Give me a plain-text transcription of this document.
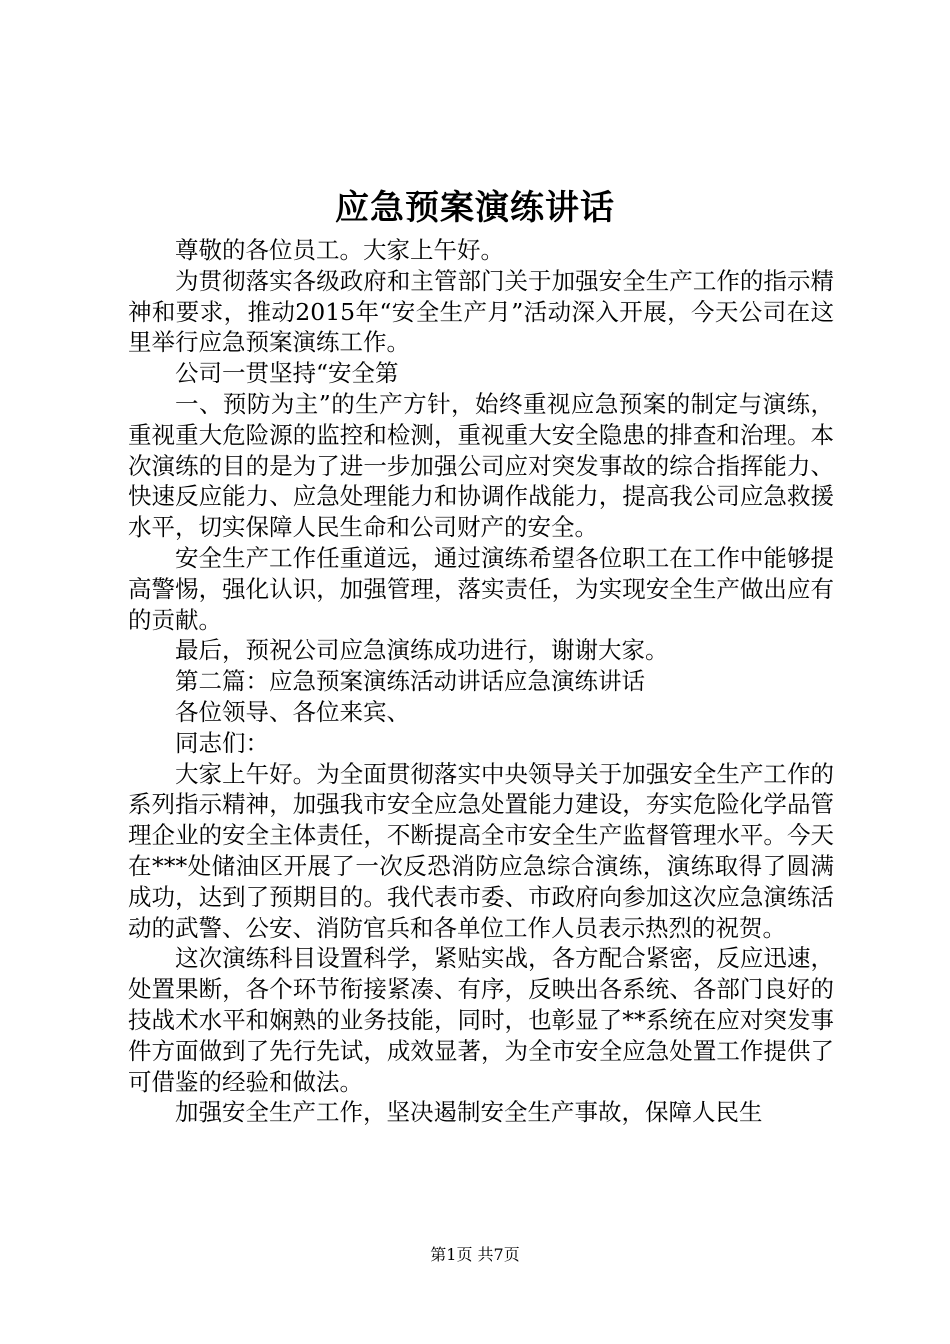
应急预案演练讲话

尊敬的各位员工。大家上午好。

为贯彻落实各级政府和主管部门关于加强安全生产工作的指示精神和要求，推动2015年“安全生产月”活动深入开展，今天公司在这里举行应急预案演练工作。

公司一贯坚持“安全第

一、预防为主”的生产方针，始终重视应急预案的制定与演练，重视重大危险源的监控和检测，重视重大安全隐患的排查和治理。本次演练的目的是为了进一步加强公司应对突发事故的综合指挥能力、快速反应能力、应急处理能力和协调作战能力，提高我公司应急救援水平，切实保障人民生命和公司财产的安全。

安全生产工作任重道远，通过演练希望各位职工在工作中能够提高警惕，强化认识，加强管理，落实责任，为实现安全生产做出应有的贡献。

最后，预祝公司应急演练成功进行，谢谢大家。

第二篇：应急预案演练活动讲话应急演练讲话

各位领导、各位来宾、

同志们：

大家上午好。为全面贯彻落实中央领导关于加强安全生产工作的系列指示精神，加强我市安全应急处置能力建设，夯实危险化学品管理企业的安全主体责任，不断提高全市安全生产监督管理水平。今天在***处储油区开展了一次反恐消防应急综合演练，演练取得了圆满成功，达到了预期目的。我代表市委、市政府向参加这次应急演练活动的武警、公安、消防官兵和各单位工作人员表示热烈的祝贺。

这次演练科目设置科学，紧贴实战，各方配合紧密，反应迅速，处置果断，各个环节衔接紧凑、有序，反映出各系统、各部门良好的技战术水平和娴熟的业务技能，同时，也彰显了**系统在应对突发事件方面做到了先行先试，成效显著，为全市安全应急处置工作提供了可借鉴的经验和做法。

加强安全生产工作，坚决遏制安全生产事故，保障人民生

第1页 共7页
